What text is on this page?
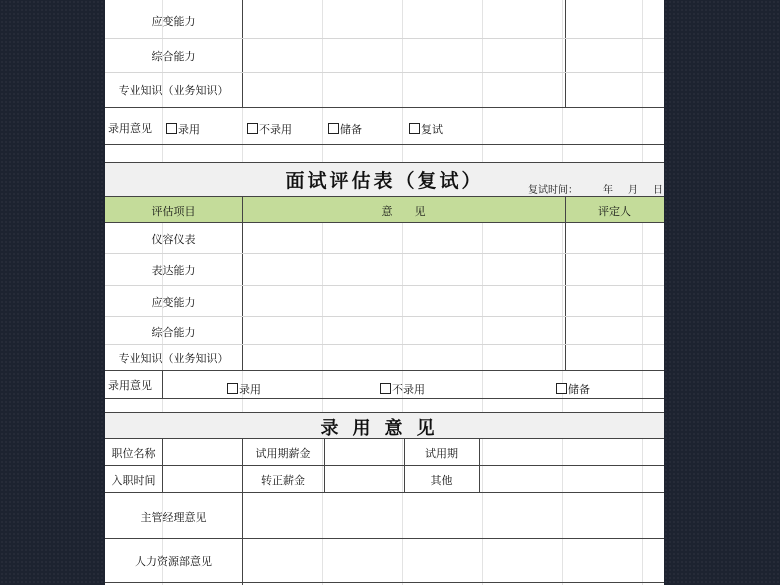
应变能力
综合能力
专业知识（业务知识）
录用意见	录用	不录用	储备	复试
面试评估表（复试）	复试时间：	年 月 日
评估项目	意　　见	评定人
仪容仪表
表达能力
应变能力
综合能力
专业知识（业务知识）
录用意见	录用	不录用	储备
录用意见
职位名称	试用期薪金	试用期
入职时间	转正薪金	其他
主管经理意见
人力资源部意见
